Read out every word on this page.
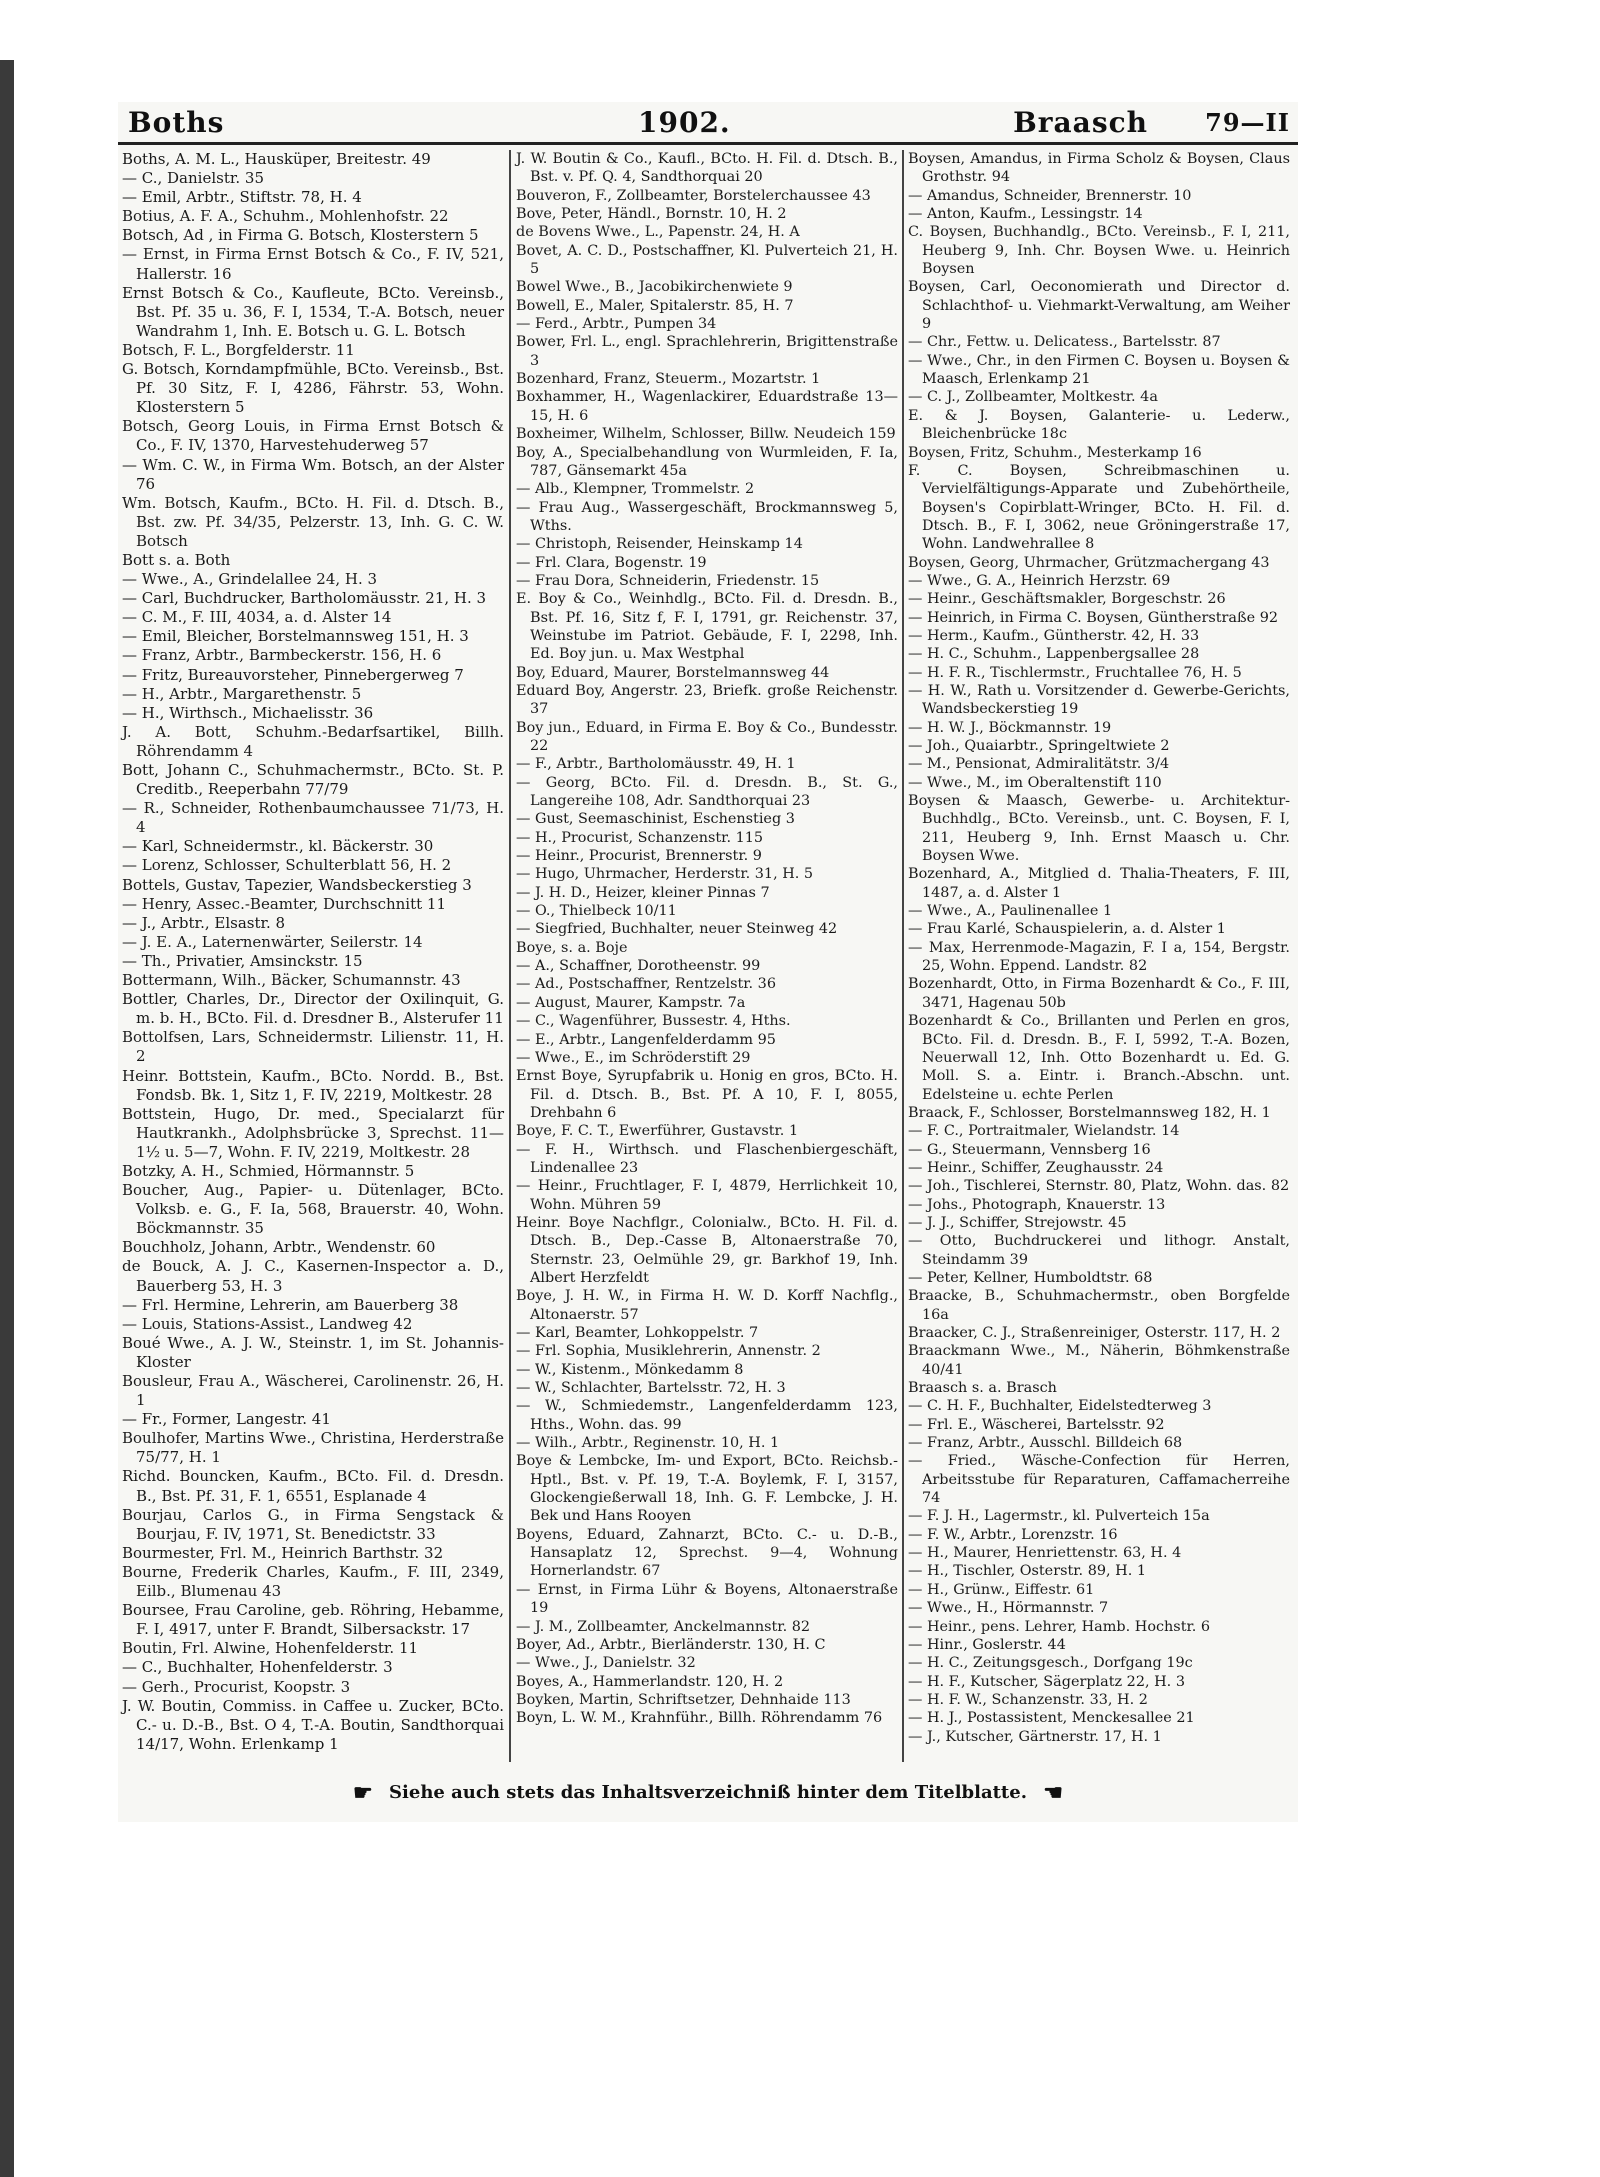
Boths	1902.	Braasch 79—II

Boths, A. M. L., Hausküper, Breitestr. 49

— C., Danielstr. 35

— Emil, Arbtr., Stiftstr. 78, H. 4

Botius, A. F. A., Schuhm., Mohlenhofstr. 22

Botsch, Ad , in Firma G. Botsch, Klosterstern 5

— Ernst, in Firma Ernst Botsch & Co., F. IV, 521, Hallerstr. 16

Ernst Botsch & Co., Kaufleute, BCto. Vereinsb., Bst. Pf. 35 u. 36, F. I, 1534, T.-A. Botsch, neuer Wandrahm 1, Inh. E. Botsch u. G. L. Botsch

Botsch, F. L., Borgfelderstr. 11

G. Botsch, Korndampfmühle, BCto. Vereinsb., Bst. Pf. 30 Sitz, F. I, 4286, Fährstr. 53, Wohn. Klosterstern 5

Botsch, Georg Louis, in Firma Ernst Botsch & Co., F. IV, 1370, Harvestehuderweg 57

— Wm. C. W., in Firma Wm. Botsch, an der Alster 76

Wm. Botsch, Kaufm., BCto. H. Fil. d. Dtsch. B., Bst. zw. Pf. 34/35, Pelzerstr. 13, Inh. G. C. W. Botsch

Bott s. a. Both

— Wwe., A., Grindelallee 24, H. 3

— Carl, Buchdrucker, Bartholomäusstr. 21, H. 3

— C. M., F. III, 4034, a. d. Alster 14

— Emil, Bleicher, Borstelmannsweg 151, H. 3

— Franz, Arbtr., Barmbeckerstr. 156, H. 6

— Fritz, Bureauvorsteher, Pinnebergerweg 7

— H., Arbtr., Margarethenstr. 5

— H., Wirthsch., Michaelisstr. 36

J. A. Bott, Schuhm.-Bedarfsartikel, Billh. Röhrendamm 4

Bott, Johann C., Schuhmachermstr., BCto. St. P. Creditb., Reeperbahn 77/79

— R., Schneider, Rothenbaumchaussee 71/73, H. 4

— Karl, Schneidermstr., kl. Bäckerstr. 30

— Lorenz, Schlosser, Schulterblatt 56, H. 2

Bottels, Gustav, Tapezier, Wandsbeckerstieg 3

— Henry, Assec.-Beamter, Durchschnitt 11

— J., Arbtr., Elsastr. 8

— J. E. A., Laternenwärter, Seilerstr. 14

— Th., Privatier, Amsinckstr. 15

Bottermann, Wilh., Bäcker, Schumannstr. 43

Bottler, Charles, Dr., Director der Oxilinquit, G. m. b. H., BCto. Fil. d. Dresdner B., Alsterufer 11

Bottolfsen, Lars, Schneidermstr. Lilienstr. 11, H. 2

Heinr. Bottstein, Kaufm., BCto. Nordd. B., Bst. Fondsb. Bk. 1, Sitz 1, F. IV, 2219, Moltkestr. 28

Bottstein, Hugo, Dr. med., Specialarzt für Hautkrankh., Adolphsbrücke 3, Sprechst. 11—1½ u. 5—7, Wohn. F. IV, 2219, Moltkestr. 28

Botzky, A. H., Schmied, Hörmannstr. 5

Boucher, Aug., Papier- u. Dütenlager, BCto. Volksb. e. G., F. Ia, 568, Brauerstr. 40, Wohn. Böckmannstr. 35

Bouchholz, Johann, Arbtr., Wendenstr. 60

de Bouck, A. J. C., Kasernen-Inspector a. D., Bauerberg 53, H. 3

— Frl. Hermine, Lehrerin, am Bauerberg 38

— Louis, Stations-Assist., Landweg 42

Boué Wwe., A. J. W., Steinstr. 1, im St. Johannis-Kloster

Bousleur, Frau A., Wäscherei, Carolinenstr. 26, H. 1

— Fr., Former, Langestr. 41

Boulhofer, Martins Wwe., Christina, Herderstraße 75/77, H. 1

Richd. Bouncken, Kaufm., BCto. Fil. d. Dresdn. B., Bst. Pf. 31, F. 1, 6551, Esplanade 4

Bourjau, Carlos G., in Firma Sengstack & Bourjau, F. IV, 1971, St. Benedictstr. 33

Bourmester, Frl. M., Heinrich Barthstr. 32

Bourne, Frederik Charles, Kaufm., F. III, 2349, Eilb., Blumenau 43

Boursee, Frau Caroline, geb. Röhring, Hebamme, F. I, 4917, unter F. Brandt, Silbersackstr. 17

Boutin, Frl. Alwine, Hohenfelderstr. 11

— C., Buchhalter, Hohenfelderstr. 3

— Gerh., Procurist, Koopstr. 3

J. W. Boutin, Commiss. in Caffee u. Zucker, BCto. C.- u. D.-B., Bst. O 4, T.-A. Boutin, Sandthorquai 14/17, Wohn. Erlenkamp 1

J. W. Boutin & Co., Kaufl., BCto. H. Fil. d. Dtsch. B., Bst. v. Pf. Q. 4, Sandthorquai 20

Bouveron, F., Zollbeamter, Borstelerchaussee 43

Bove, Peter, Händl., Bornstr. 10, H. 2

de Bovens Wwe., L., Papenstr. 24, H. A

Bovet, A. C. D., Postschaffner, Kl. Pulverteich 21, H. 5

Bowel Wwe., B., Jacobikirchenwiete 9

Bowell, E., Maler, Spitalerstr. 85, H. 7

— Ferd., Arbtr., Pumpen 34

Bower, Frl. L., engl. Sprachlehrerin, Brigittenstraße 3

Bozenhard, Franz, Steuerm., Mozartstr. 1

Boxhammer, H., Wagenlackirer, Eduardstraße 13—15, H. 6

Boxheimer, Wilhelm, Schlosser, Billw. Neudeich 159

Boy, A., Specialbehandlung von Wurmleiden, F. Ia, 787, Gänsemarkt 45a

— Alb., Klempner, Trommelstr. 2

— Frau Aug., Wassergeschäft, Brockmannsweg 5, Wths.

— Christoph, Reisender, Heinskamp 14

— Frl. Clara, Bogenstr. 19

— Frau Dora, Schneiderin, Friedenstr. 15

E. Boy & Co., Weinhdlg., BCto. Fil. d. Dresdn. B., Bst. Pf. 16, Sitz f, F. I, 1791, gr. Reichenstr. 37, Weinstube im Patriot. Gebäude, F. I, 2298, Inh. Ed. Boy jun. u. Max Westphal

Boy, Eduard, Maurer, Borstelmannsweg 44

Eduard Boy, Angerstr. 23, Briefk. große Reichenstr. 37

Boy jun., Eduard, in Firma E. Boy & Co., Bundesstr. 22

— F., Arbtr., Bartholomäusstr. 49, H. 1

— Georg, BCto. Fil. d. Dresdn. B., St. G., Langereihe 108, Adr. Sandthorquai 23

— Gust, Seemaschinist, Eschenstieg 3

— H., Procurist, Schanzenstr. 115

— Heinr., Procurist, Brennerstr. 9

— Hugo, Uhrmacher, Herderstr. 31, H. 5

— J. H. D., Heizer, kleiner Pinnas 7

— O., Thielbeck 10/11

— Siegfried, Buchhalter, neuer Steinweg 42

Boye, s. a. Boje

— A., Schaffner, Dorotheenstr. 99

— Ad., Postschaffner, Rentzelstr. 36

— August, Maurer, Kampstr. 7a

— C., Wagenführer, Bussestr. 4, Hths.

— E., Arbtr., Langenfelderdamm 95

— Wwe., E., im Schröderstift 29

Ernst Boye, Syrupfabrik u. Honig en gros, BCto. H. Fil. d. Dtsch. B., Bst. Pf. A 10, F. I, 8055, Drehbahn 6

Boye, F. C. T., Ewerführer, Gustavstr. 1

— F. H., Wirthsch. und Flaschenbiergeschäft, Lindenallee 23

— Heinr., Fruchtlager, F. I, 4879, Herrlichkeit 10, Wohn. Mühren 59

Heinr. Boye Nachflgr., Colonialw., BCto. H. Fil. d. Dtsch. B., Dep.-Casse B, Altonaerstraße 70, Sternstr. 23, Oelmühle 29, gr. Barkhof 19, Inh. Albert Herzfeldt

Boye, J. H. W., in Firma H. W. D. Korff Nachflg., Altonaerstr. 57

— Karl, Beamter, Lohkoppelstr. 7

— Frl. Sophia, Musiklehrerin, Annenstr. 2

— W., Kistenm., Mönkedamm 8

— W., Schlachter, Bartelsstr. 72, H. 3

— W., Schmiedemstr., Langenfelderdamm 123, Hths., Wohn. das. 99

— Wilh., Arbtr., Reginenstr. 10, H. 1

Boye & Lembcke, Im- und Export, BCto. Reichsb.-Hptl., Bst. v. Pf. 19, T.-A. Boylemk, F. I, 3157, Glockengießerwall 18, Inh. G. F. Lembcke, J. H. Bek und Hans Rooyen

Boyens, Eduard, Zahnarzt, BCto. C.- u. D.-B., Hansaplatz 12, Sprechst. 9—4, Wohnung Hornerlandstr. 67

— Ernst, in Firma Lühr & Boyens, Altonaerstraße 19

— J. M., Zollbeamter, Anckelmannstr. 82

Boyer, Ad., Arbtr., Bierländerstr. 130, H. C

— Wwe., J., Danielstr. 32

Boyes, A., Hammerlandstr. 120, H. 2

Boyken, Martin, Schriftsetzer, Dehnhaide 113

Boyn, L. W. M., Krahnführ., Billh. Röhrendamm 76

Boysen, Amandus, in Firma Scholz & Boysen, Claus Grothstr. 94

— Amandus, Schneider, Brennerstr. 10

— Anton, Kaufm., Lessingstr. 14

C. Boysen, Buchhandlg., BCto. Vereinsb., F. I, 211, Heuberg 9, Inh. Chr. Boysen Wwe. u. Heinrich Boysen

Boysen, Carl, Oeconomierath und Director d. Schlachthof- u. Viehmarkt-Verwaltung, am Weiher 9

— Chr., Fettw. u. Delicatess., Bartelsstr. 87

— Wwe., Chr., in den Firmen C. Boysen u. Boysen & Maasch, Erlenkamp 21

— C. J., Zollbeamter, Moltkestr. 4a

E. & J. Boysen, Galanterie- u. Lederw., Bleichenbrücke 18c

Boysen, Fritz, Schuhm., Mesterkamp 16

F. C. Boysen, Schreibmaschinen u. Vervielfältigungs-Apparate und Zubehörtheile, Boysen's Copirblatt-Wringer, BCto. H. Fil. d. Dtsch. B., F. I, 3062, neue Gröningerstraße 17, Wohn. Landwehrallee 8

Boysen, Georg, Uhrmacher, Grützmachergang 43

— Wwe., G. A., Heinrich Herzstr. 69

— Heinr., Geschäftsmakler, Borgeschstr. 26

— Heinrich, in Firma C. Boysen, Güntherstraße 92

— Herm., Kaufm., Güntherstr. 42, H. 33

— H. C., Schuhm., Lappenbergsallee 28

— H. F. R., Tischlermstr., Fruchtallee 76, H. 5

— H. W., Rath u. Vorsitzender d. Gewerbe-Gerichts, Wandsbeckerstieg 19

— H. W. J., Böckmannstr. 19

— Joh., Quaiarbtr., Springeltwiete 2

— M., Pensionat, Admiralitätstr. 3/4

— Wwe., M., im Oberaltenstift 110

Boysen & Maasch, Gewerbe- u. Architektur-Buchhdlg., BCto. Vereinsb., unt. C. Boysen, F. I, 211, Heuberg 9, Inh. Ernst Maasch u. Chr. Boysen Wwe.

Bozenhard, A., Mitglied d. Thalia-Theaters, F. III, 1487, a. d. Alster 1

— Wwe., A., Paulinenallee 1

— Frau Karlé, Schauspielerin, a. d. Alster 1

— Max, Herrenmode-Magazin, F. I a, 154, Bergstr. 25, Wohn. Eppend. Landstr. 82

Bozenhardt, Otto, in Firma Bozenhardt & Co., F. III, 3471, Hagenau 50b

Bozenhardt & Co., Brillanten und Perlen en gros, BCto. Fil. d. Dresdn. B., F. I, 5992, T.-A. Bozen, Neuerwall 12, Inh. Otto Bozenhardt u. Ed. G. Moll. S. a. Eintr. i. Branch.-Abschn. unt. Edelsteine u. echte Perlen

Braack, F., Schlosser, Borstelmannsweg 182, H. 1

— F. C., Portraitmaler, Wielandstr. 14

— G., Steuermann, Vennsberg 16

— Heinr., Schiffer, Zeughausstr. 24

— Joh., Tischlerei, Sternstr. 80, Platz, Wohn. das. 82

— Johs., Photograph, Knauerstr. 13

— J. J., Schiffer, Strejowstr. 45

— Otto, Buchdruckerei und lithogr. Anstalt, Steindamm 39

— Peter, Kellner, Humboldtstr. 68

Braacke, B., Schuhmachermstr., oben Borgfelde 16a

Braacker, C. J., Straßenreiniger, Osterstr. 117, H. 2

Braackmann Wwe., M., Näherin, Böhmkenstraße 40/41

Braasch s. a. Brasch

— C. H. F., Buchhalter, Eidelstedterweg 3

— Frl. E., Wäscherei, Bartelsstr. 92

— Franz, Arbtr., Ausschl. Billdeich 68

— Fried., Wäsche-Confection für Herren, Arbeitsstube für Reparaturen, Caffamacherreihe 74

— F. J. H., Lagermstr., kl. Pulverteich 15a

— F. W., Arbtr., Lorenzstr. 16

— H., Maurer, Henriettenstr. 63, H. 4

— H., Tischler, Osterstr. 89, H. 1

— H., Grünw., Eiffestr. 61

— Wwe., H., Hörmannstr. 7

— Heinr., pens. Lehrer, Hamb. Hochstr. 6

— Hinr., Goslerstr. 44

— H. C., Zeitungsgesch., Dorfgang 19c

— H. F., Kutscher, Sägerplatz 22, H. 3

— H. F. W., Schanzenstr. 33, H. 2

— H. J., Postassistent, Menckesallee 21

— J., Kutscher, Gärtnerstr. 17, H. 1

☛ Siehe auch stets das Inhaltsverzeichniß hinter dem Titelblatte. ☚
